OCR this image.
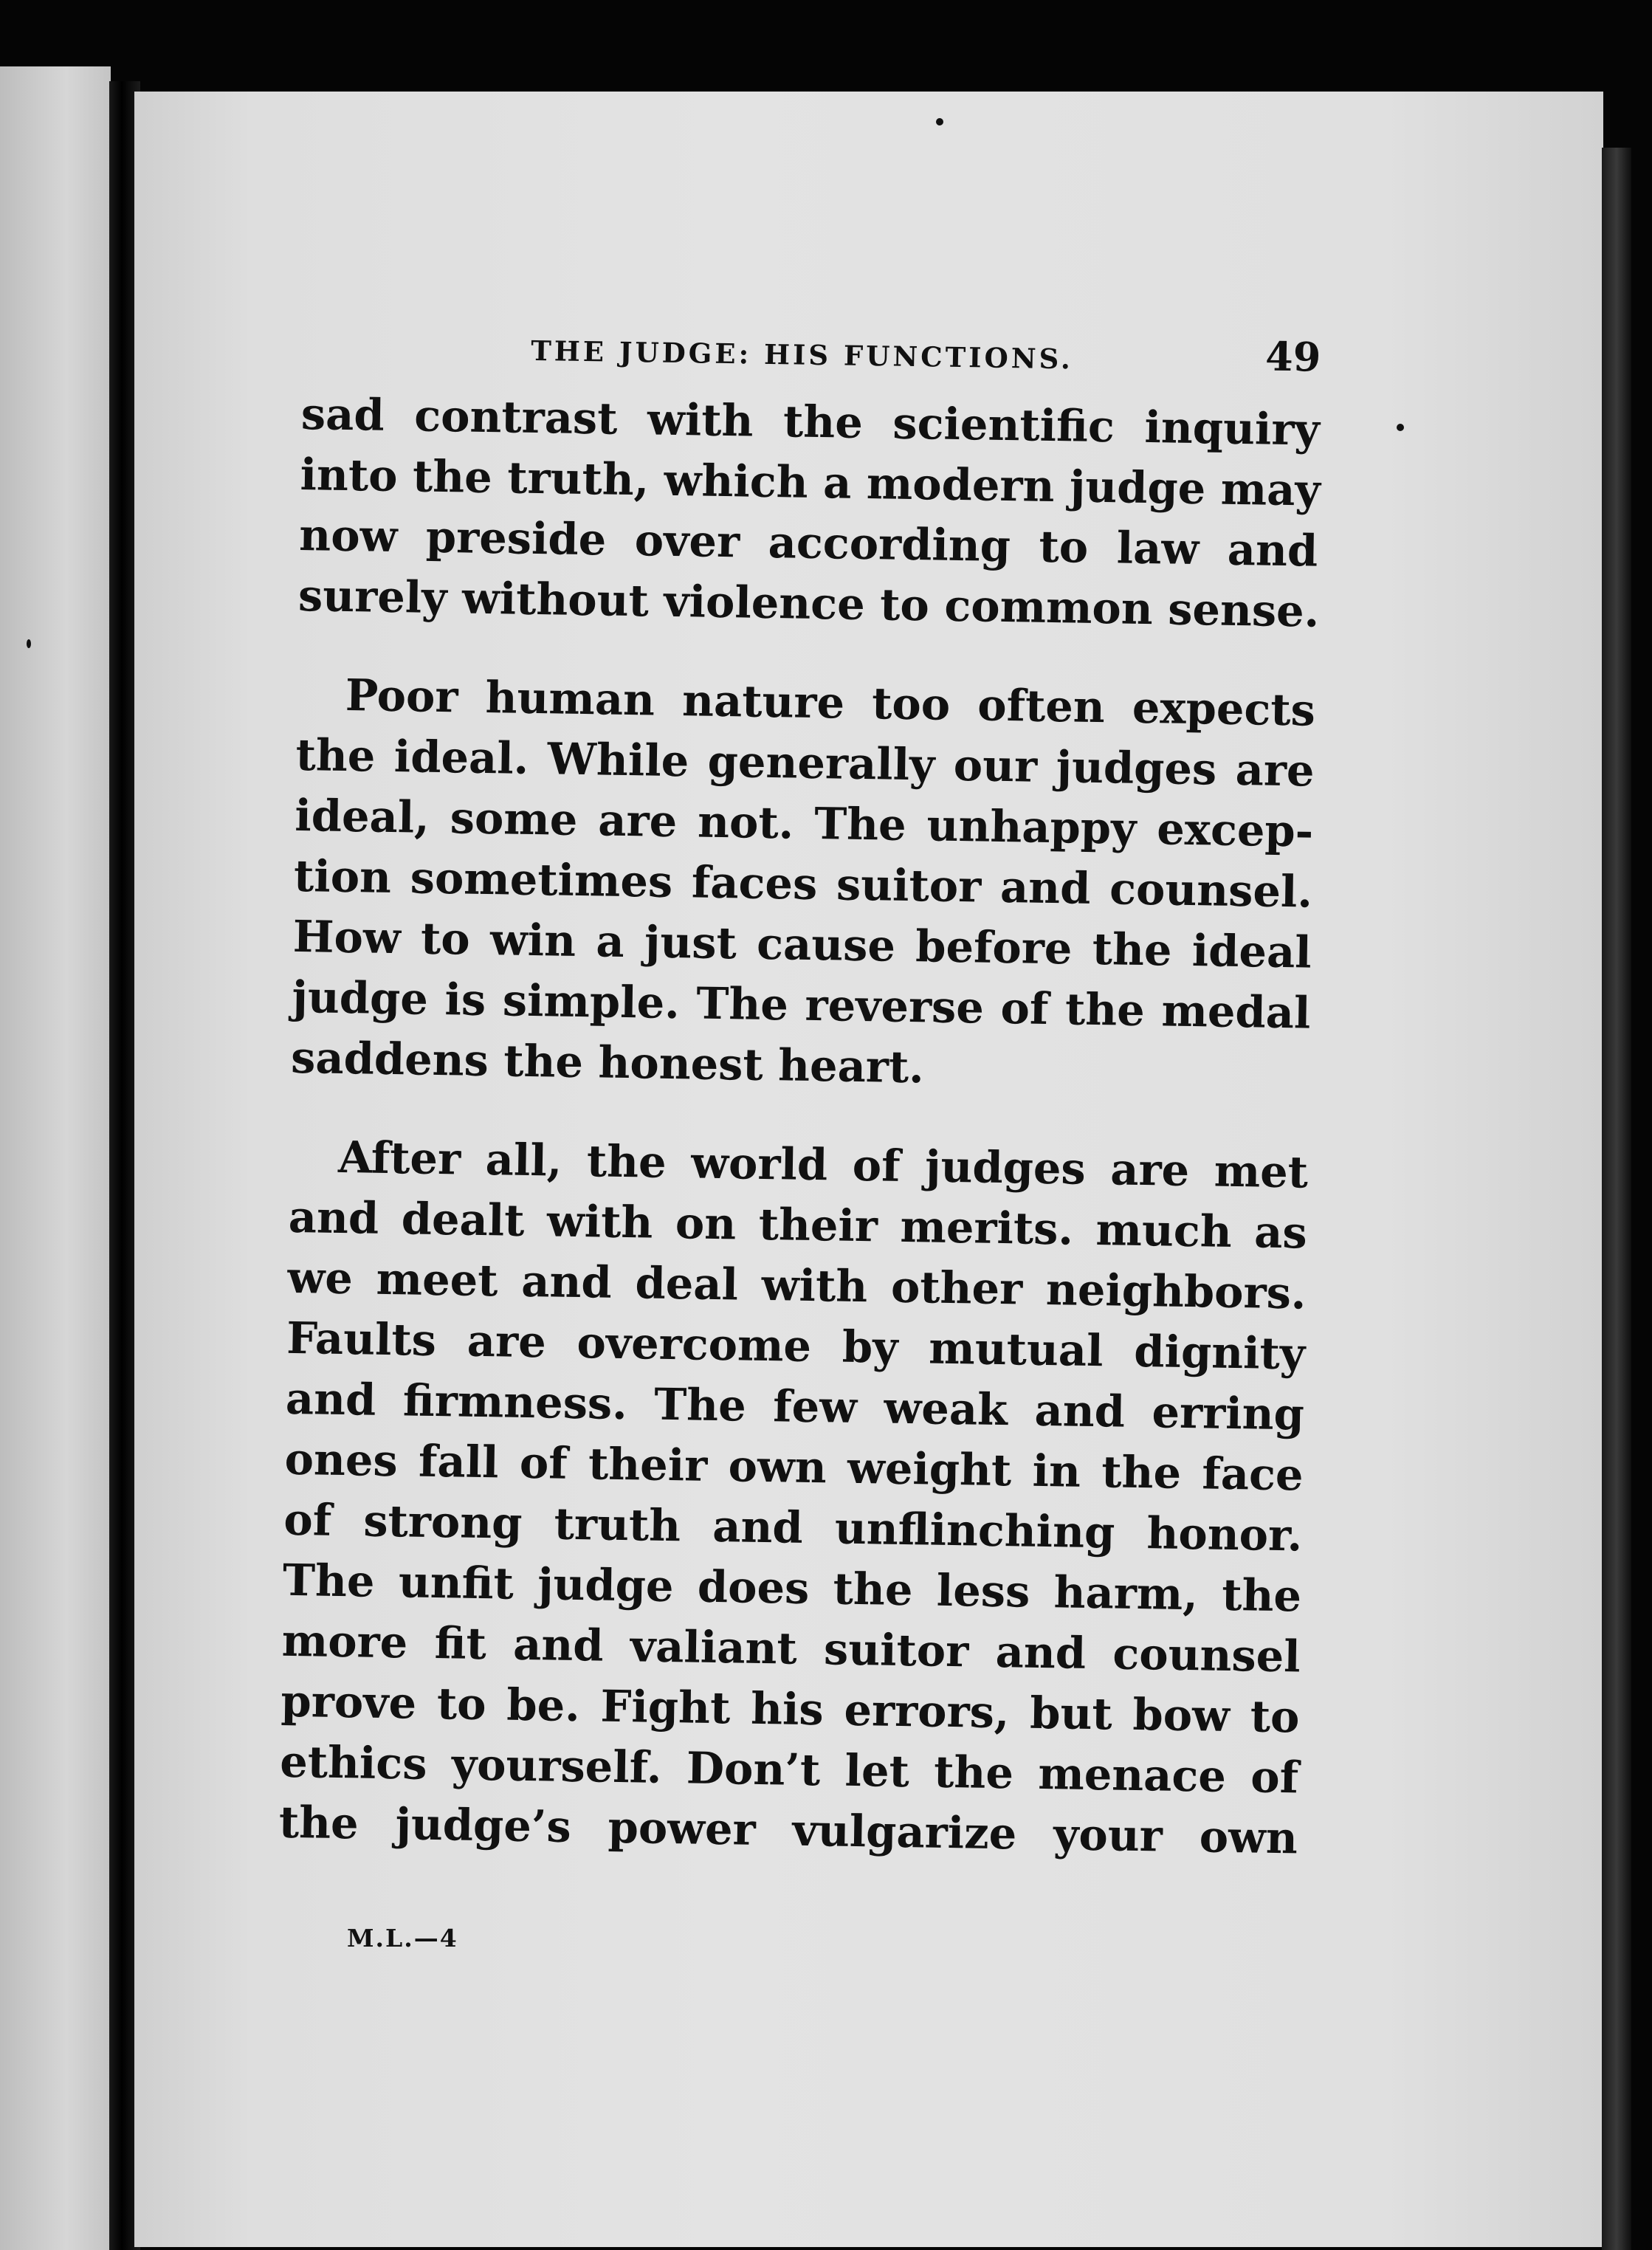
THE JUDGE: HIS FUNCTIONS.	49

sad contrast with the scientific inquiry
into the truth, which a modern judge may
now preside over according to law and
surely without violence to common sense.

Poor human nature too often expects
the ideal. While generally our judges are
ideal, some are not. The unhappy excep-
tion sometimes faces suitor and counsel.
How to win a just cause before the ideal
judge is simple. The reverse of the medal
saddens the honest heart.

After all, the world of judges are met
and dealt with on their merits. much as
we meet and deal with other neighbors.
Faults are overcome by mutual dignity
and firmness. The few weak and erring
ones fall of their own weight in the face
of strong truth and unflinching honor.
The unfit judge does the less harm, the
more fit and valiant suitor and counsel
prove to be. Fight his errors, but bow to
ethics yourself. Don’t let the menace of
the judge’s power vulgarize your own

M.L.—4
